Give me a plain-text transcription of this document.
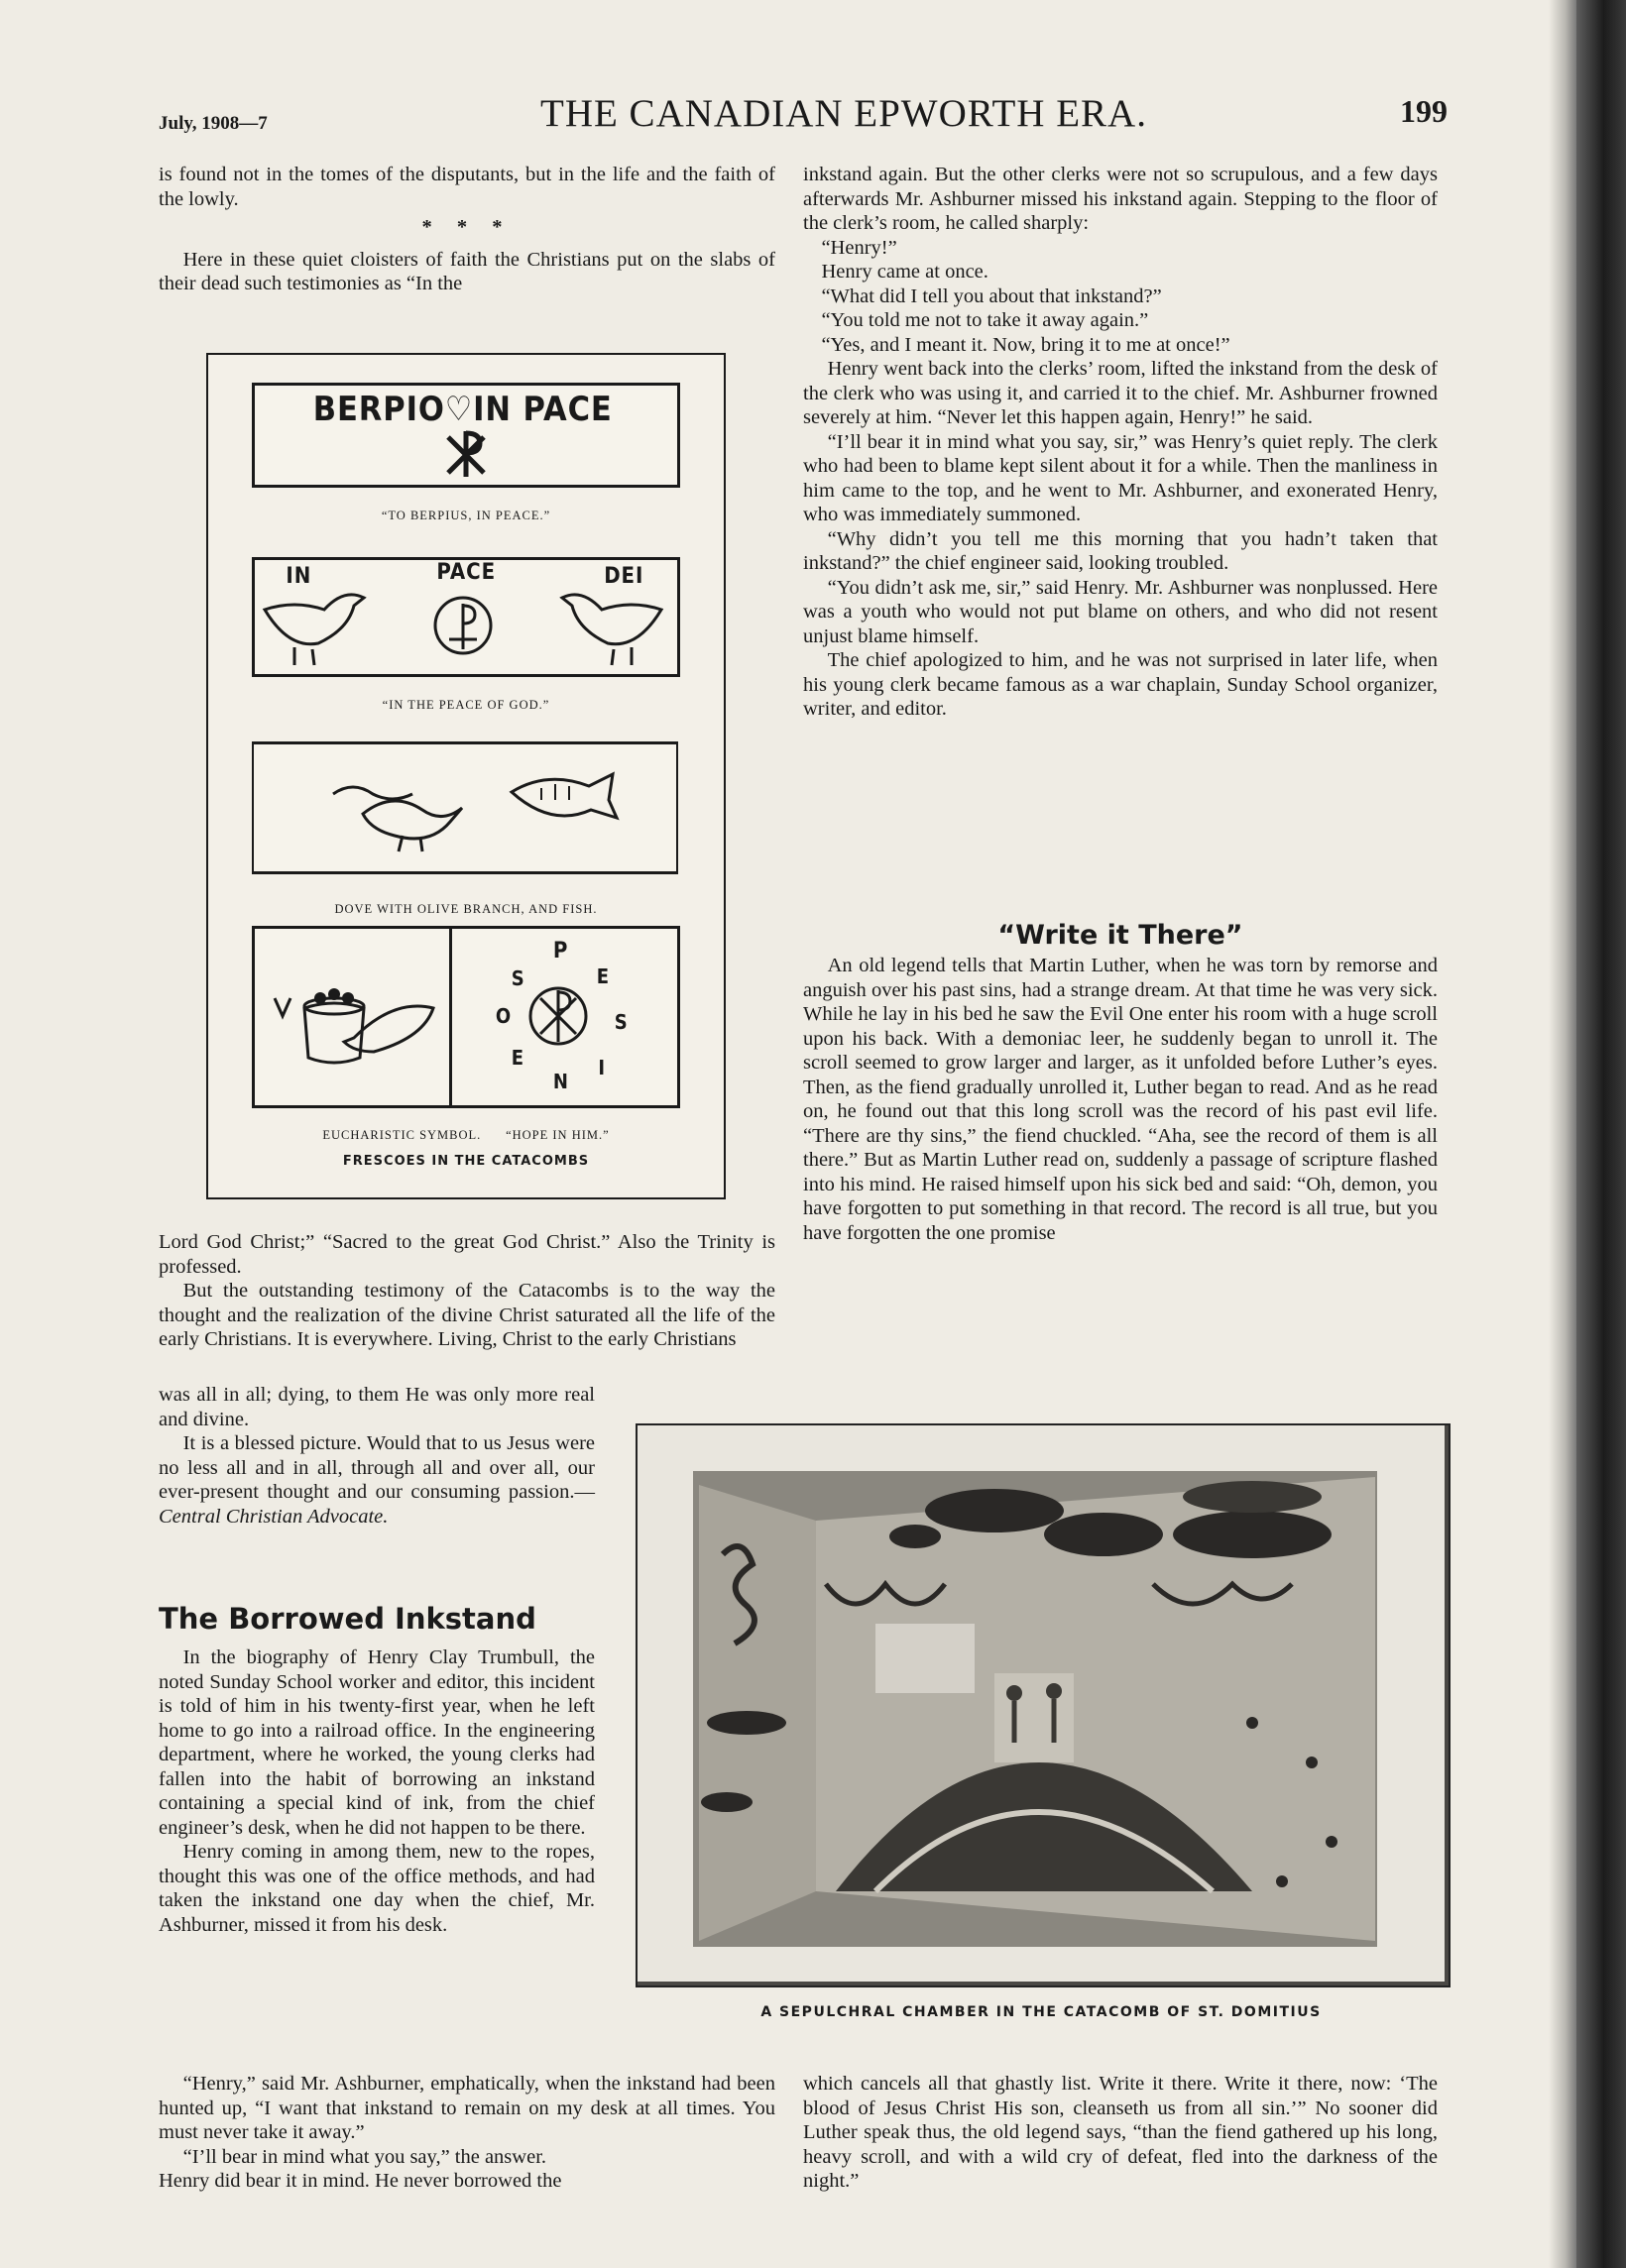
July, 1908—7	THE CANADIAN EPWORTH ERA.	199

is found not in the tomes of the disputants, but in the life and the faith of the lowly.

* * *

Here in these quiet cloisters of faith the Christians put on the slabs of their dead such testimonies as “In the

BERPIO♡IN PACE
“TO BERPIUS, IN PEACE.”
IN	PACE	DEI
“IN THE PEACE OF GOD.”
DOVE WITH OLIVE BRANCH, AND FISH.
S
P
E
S
I
N
E
O
EUCHARISTIC SYMBOL. “HOPE IN HIM.”
FRESCOES IN THE CATACOMBS

Lord God Christ;” “Sacred to the great God Christ.” Also the Trinity is professed.

But the outstanding testimony of the Catacombs is to the way the thought and the realization of the divine Christ saturated all the life of the early Christians. It is everywhere. Living, Christ to the early Christians

was all in all; dying, to them He was only more real and divine.

It is a blessed picture. Would that to us Jesus were no less all and in all, through all and over all, our ever-present thought and our consuming passion.— Central Christian Advocate.

The Borrowed Inkstand

In the biography of Henry Clay Trumbull, the noted Sunday School worker and editor, this incident is told of him in his twenty-first year, when he left home to go into a railroad office. In the engineering department, where he worked, the young clerks had fallen into the habit of borrowing an inkstand containing a special kind of ink, from the chief engineer’s desk, when he did not happen to be there.

Henry coming in among them, new to the ropes, thought this was one of the office methods, and had taken the inkstand one day when the chief, Mr. Ashburner, missed it from his desk.

“Henry,” said Mr. Ashburner, emphatically, when the inkstand had been hunted up, “I want that inkstand to remain on my desk at all times. You must never take it away.”

“I’ll bear in mind what you say,” the answer.

Henry did bear it in mind. He never borrowed the

inkstand again. But the other clerks were not so scrupulous, and a few days afterwards Mr. Ashburner missed his inkstand again. Stepping to the floor of the clerk’s room, he called sharply:

“Henry!”

Henry came at once.

“What did I tell you about that inkstand?”

“You told me not to take it away again.”

“Yes, and I meant it. Now, bring it to me at once!”

Henry went back into the clerks’ room, lifted the inkstand from the desk of the clerk who was using it, and carried it to the chief. Mr. Ashburner frowned severely at him. “Never let this happen again, Henry!” he said.

“I’ll bear it in mind what you say, sir,” was Henry’s quiet reply. The clerk who had been to blame kept silent about it for a while. Then the manliness in him came to the top, and he went to Mr. Ashburner, and exonerated Henry, who was immediately summoned.

“Why didn’t you tell me this morning that you hadn’t taken that inkstand?” the chief engineer said, looking troubled.

“You didn’t ask me, sir,” said Henry. Mr. Ashburner was nonplussed. Here was a youth who would not put blame on others, and who did not resent unjust blame himself.

The chief apologized to him, and he was not surprised in later life, when his young clerk became famous as a war chaplain, Sunday School organizer, writer, and editor.

“Write it There”

An old legend tells that Martin Luther, when he was torn by remorse and anguish over his past sins, had a strange dream. At that time he was very sick. While he lay in his bed he saw the Evil One enter his room with a huge scroll upon his back. With a demoniac leer, he suddenly began to unroll it. The scroll seemed to grow larger and larger, as it unfolded before Luther’s eyes. Then, as the fiend gradually unrolled it, Luther began to read. And as he read on, he found out that this long scroll was the record of his past evil life. “There are thy sins,” the fiend chuckled. “Aha, see the record of them is all there.” But as Martin Luther read on, suddenly a passage of scripture flashed into his mind. He raised himself upon his sick bed and said: “Oh, demon, you have forgotten to put something in that record. The record is all true, but you have forgotten the one promise

A SEPULCHRAL CHAMBER IN THE CATACOMB OF ST. DOMITIUS

which cancels all that ghastly list. Write it there. Write it there, now: ‘The blood of Jesus Christ His son, cleanseth us from all sin.’” No sooner did Luther speak thus, the old legend says, “than the fiend gathered up his long, heavy scroll, and with a wild cry of defeat, fled into the darkness of the night.”
